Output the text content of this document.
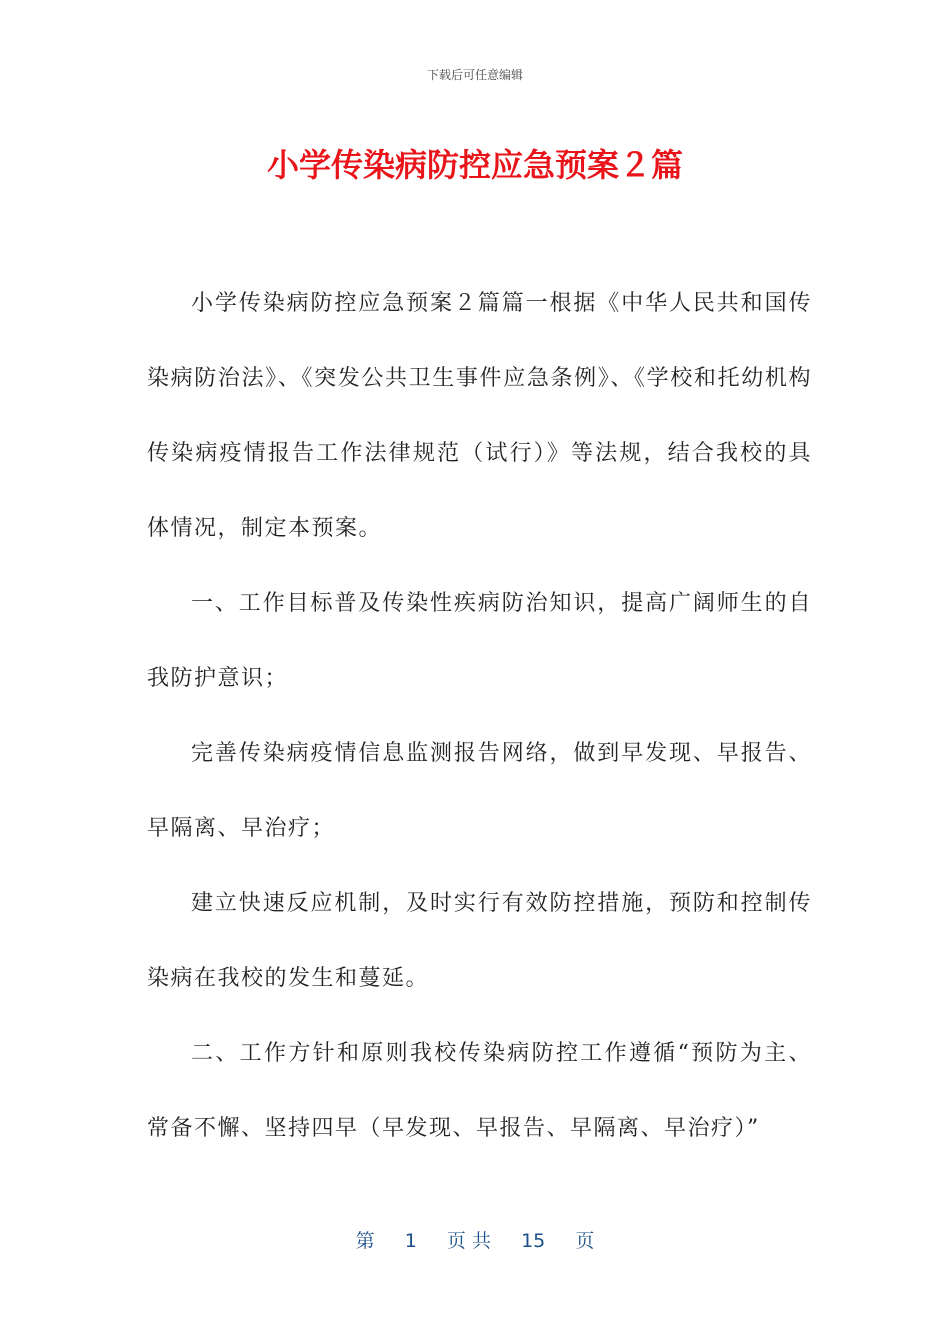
下载后可任意编辑
小学传染病防控应急预案２篇

小学传染病防控应急预案２篇篇一根据《中华人民共和国传染病防治法》、《突发公共卫生事件应急条例》、《学校和托幼机构传染病疫情报告工作法律规范（试行）》等法规，结合我校的具体情况，制定本预案。

一、工作目标普及传染性疾病防治知识，提高广阔师生的自我防护意识；

完善传染病疫情信息监测报告网络，做到早发现、早报告、早隔离、早治疗；

建立快速反应机制，及时实行有效防控措施，预防和控制传染病在我校的发生和蔓延。

二、工作方针和原则我校传染病防控工作遵循“预防为主、常备不懈、坚持四早（早发现、早报告、早隔离、早治疗）”

第 1 页 共 15 页
